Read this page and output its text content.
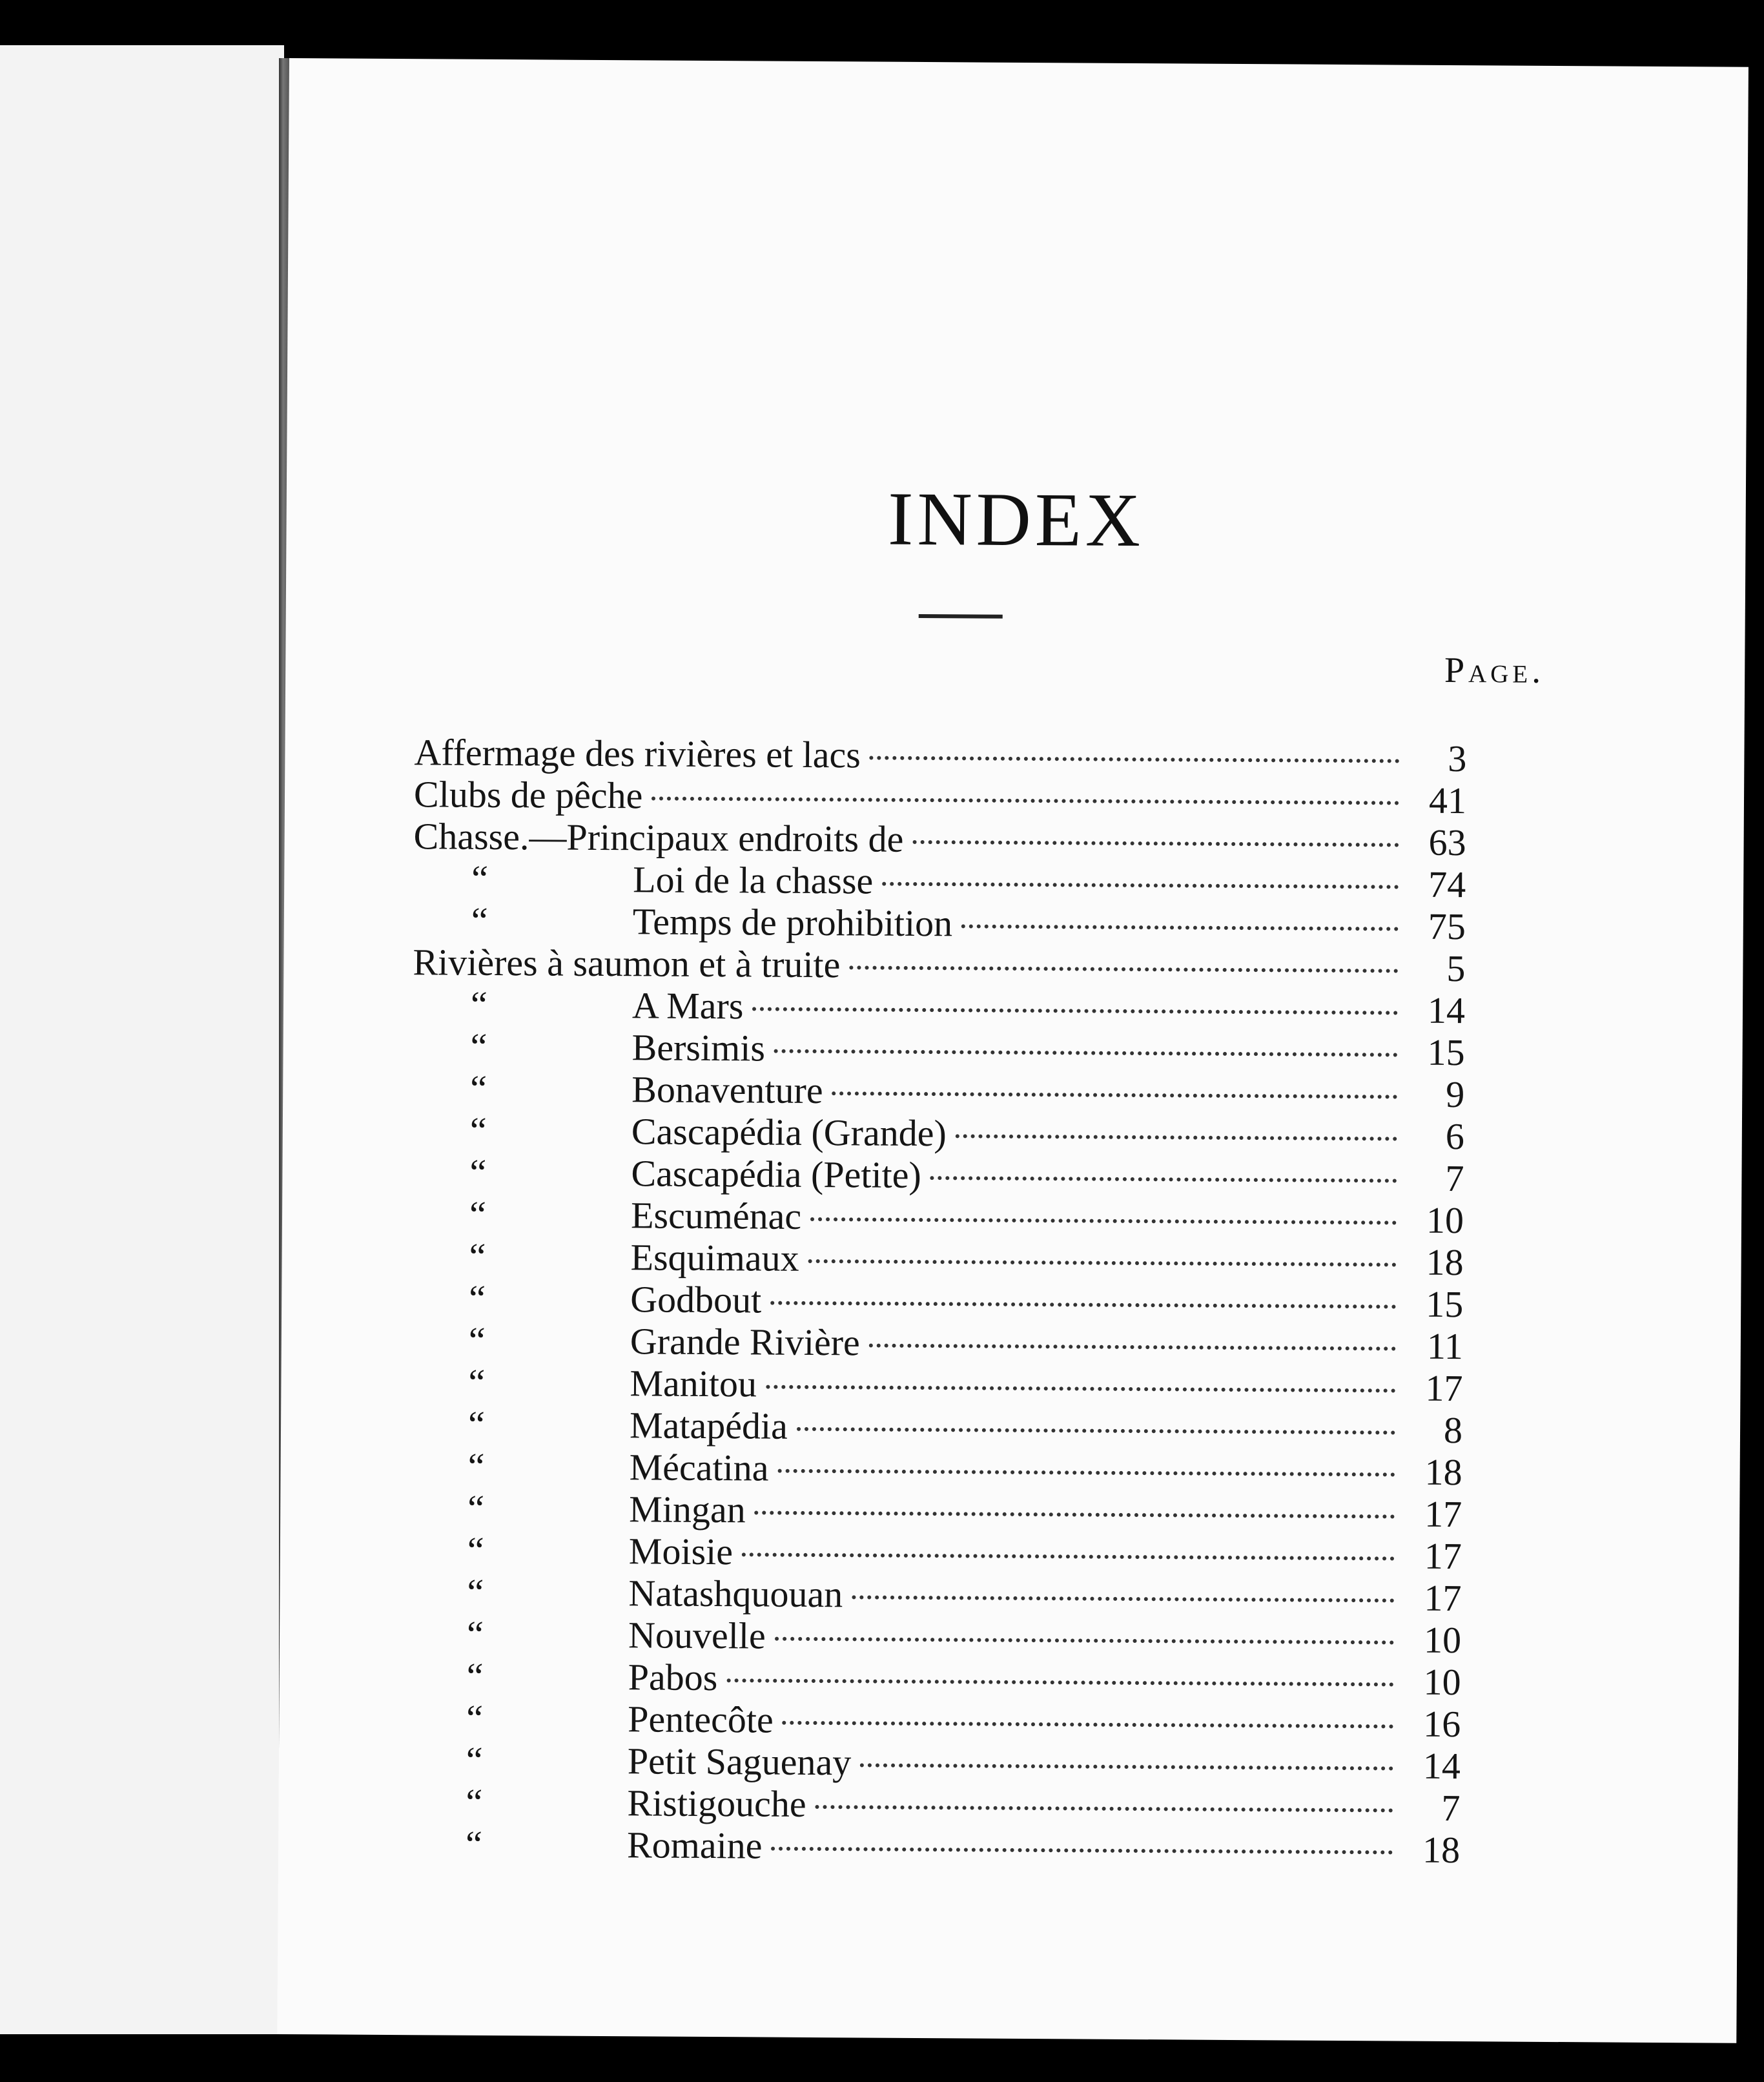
INDEX
Page.
Affermage des rivières et lacs	3
Clubs de pêche	41
Chasse.—Principaux endroits de	63
“	Loi de la chasse	74
“	Temps de prohibition	75
Rivières à saumon et à truite	5
“	A Mars	14
“	Bersimis	15
“	Bonaventure	9
“	Cascapédia (Grande)	6
“	Cascapédia (Petite)	7
“	Escuménac	10
“	Esquimaux	18
“	Godbout	15
“	Grande Rivière	11
“	Manitou	17
“	Matapédia	8
“	Mécatina	18
“	Mingan	17
“	Moisie	17
“	Natashquouan	17
“	Nouvelle	10
“	Pabos	10
“	Pentecôte	16
“	Petit Saguenay	14
“	Ristigouche	7
“	Romaine	18
